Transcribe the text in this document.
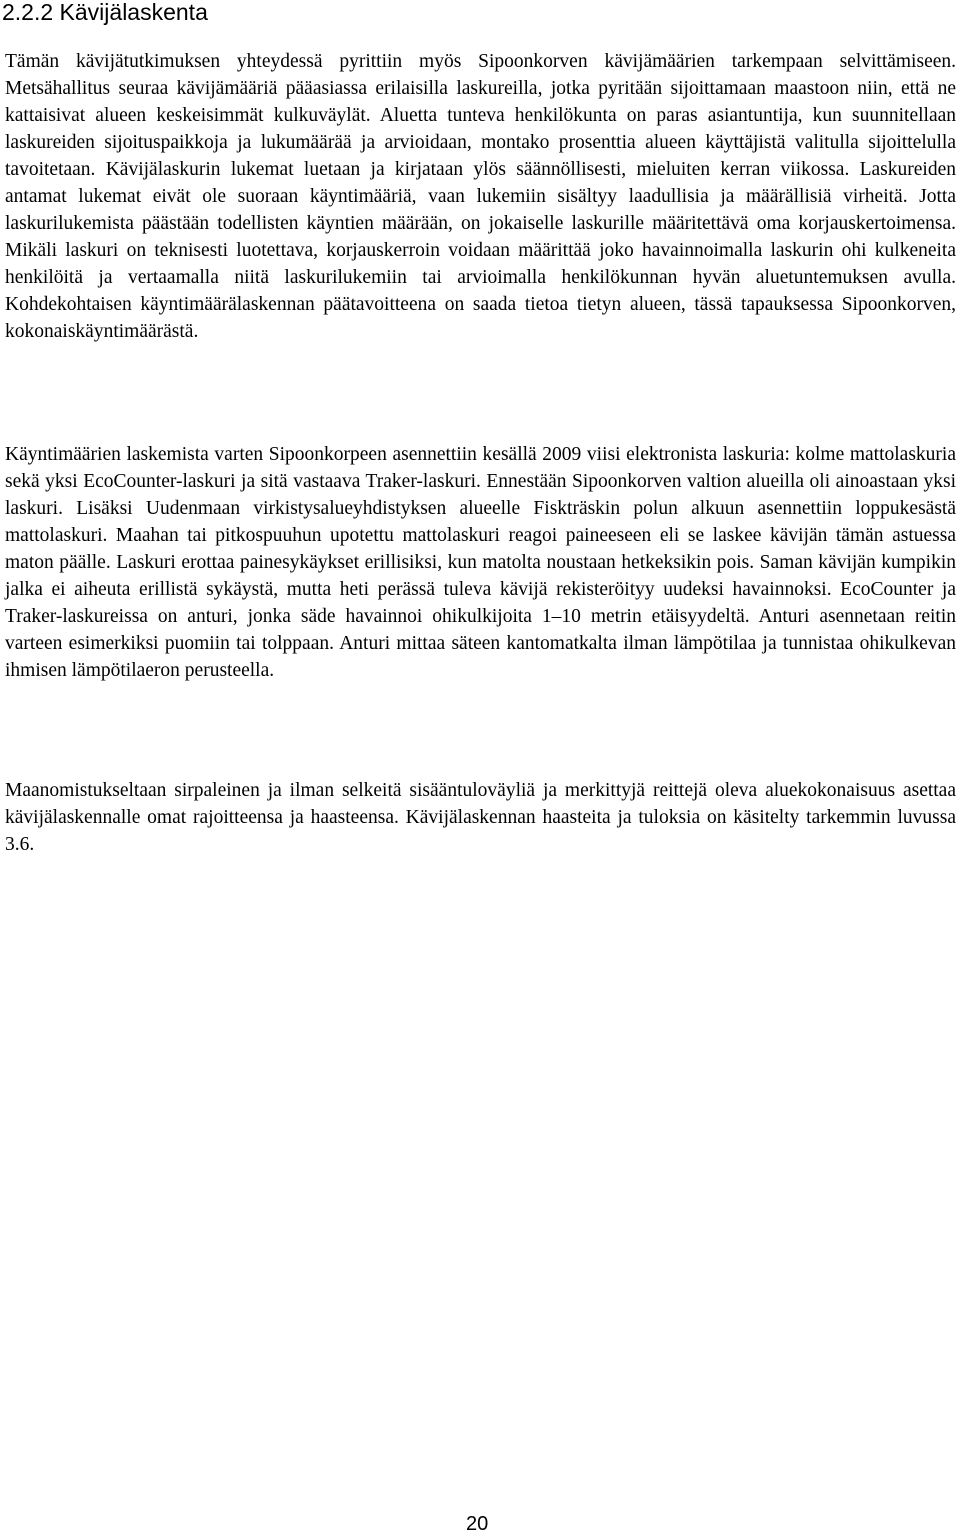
2.2.2 Kävijälaskenta

Tämän kävijätutkimuksen yhteydessä pyrittiin myös Sipoonkorven kävijämäärien tarkempaan selvittämiseen. Metsähallitus seuraa kävijämääriä pääasiassa erilaisilla laskureilla, jotka pyritään sijoittamaan maastoon niin, että ne kattaisivat alueen keskeisimmät kulkuväylät. Aluetta tunteva henkilökunta on paras asiantuntija, kun suunnitellaan laskureiden sijoituspaikkoja ja lukumäärää ja arvioidaan, montako prosenttia alueen käyttäjistä valitulla sijoittelulla tavoitetaan. Kävijälaskurin lukemat luetaan ja kirjataan ylös säännöllisesti, mieluiten kerran viikossa. Laskureiden antamat lukemat eivät ole suoraan käyntimääriä, vaan lukemiin sisältyy laadullisia ja määrällisiä virheitä. Jotta laskurilukemista päästään todellisten käyntien määrään, on jokaiselle laskurille määritettävä oma korjauskertoimensa. Mikäli laskuri on teknisesti luotettava, korjauskerroin voidaan määrittää joko havainnoimalla laskurin ohi kulkeneita henkilöitä ja vertaamalla niitä laskurilukemiin tai arvioimalla henkilökunnan hyvän aluetuntemuksen avulla. Kohdekohtaisen käyntimäärälaskennan päätavoitteena on saada tietoa tietyn alueen, tässä tapauksessa Sipoonkorven, kokonaiskäyntimäärästä.

Käyntimäärien laskemista varten Sipoonkorpeen asennettiin kesällä 2009 viisi elektronista laskuria: kolme mattolaskuria sekä yksi EcoCounter-laskuri ja sitä vastaava Traker-laskuri. Ennestään Sipoonkorven valtion alueilla oli ainoastaan yksi laskuri. Lisäksi Uudenmaan virkistysalueyhdistyksen alueelle Fiskträskin polun alkuun asennettiin loppukesästä mattolaskuri. Maahan tai pitkospuuhun upotettu mattolaskuri reagoi paineeseen eli se laskee kävijän tämän astuessa maton päälle. Laskuri erottaa painesykäykset erillisiksi, kun matolta noustaan hetkeksikin pois. Saman kävijän kumpikin jalka ei aiheuta erillistä sykäystä, mutta heti perässä tuleva kävijä rekisteröityy uudeksi havainnoksi. EcoCounter ja Traker-laskureissa on anturi, jonka säde havainnoi ohikulkijoita 1–10 metrin etäisyydeltä. Anturi asennetaan reitin varteen esimerkiksi puomiin tai tolppaan. Anturi mittaa säteen kantomatkalta ilman lämpötilaa ja tunnistaa ohikulkevan ihmisen lämpötilaeron perusteella.

Maanomistukseltaan sirpaleinen ja ilman selkeitä sisääntuloväyliä ja merkittyjä reittejä oleva aluekokonaisuus asettaa kävijälaskennalle omat rajoitteensa ja haasteensa. Kävijälaskennan haasteita ja tuloksia on käsitelty tarkemmin luvussa 3.6.

20
